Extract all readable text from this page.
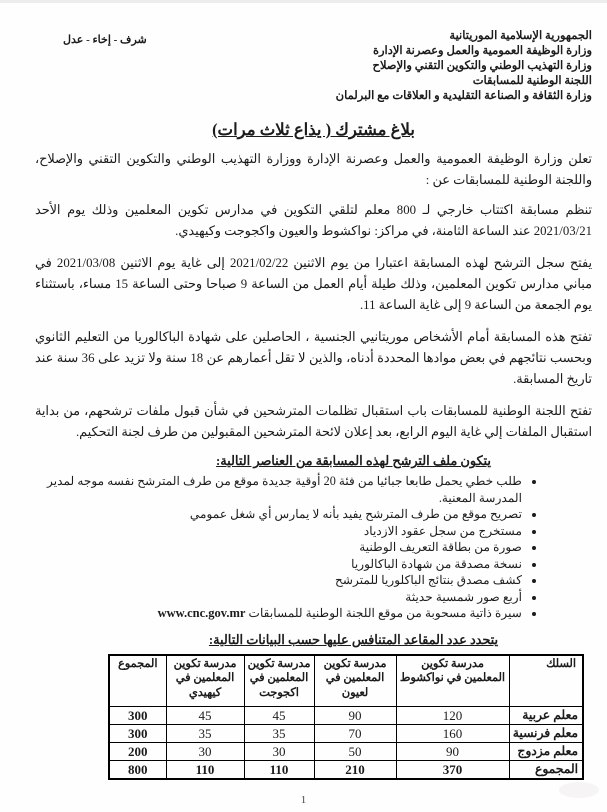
الجمهورية الإسلامية الموريتانية
وزارة الوظيفة العمومية والعمل وعصرنة الإدارة
وزارة التهذيب الوطني والتكوين التقني والإصلاح
اللجنة الوطنية للمسابقات
وزارة الثقافة و الصناعة التقليدية و العلاقات مع البرلمان
شرف - إخاء - عدل
بلاغ مشترك ( يذاع ثلاث مرات)

تعلن وزارة الوظيفة العمومية والعمل وعصرنة الإدارة ووزارة التهذيب الوطني والتكوين التقني والإصلاح، واللجنة الوطنية للمسابقات عن :

تنظم مسابقة اكتتاب خارجي لـ 800 معلم لتلقي التكوين في مدارس تكوين المعلمين وذلك يوم الأحد 2021/03/21 عند الساعة الثامنة، في مراكز: نواكشوط والعيون واكجوجت وكيهيدي.

يفتح سجل الترشح لهذه المسابقة اعتبارا من يوم الاثنين 2021/02/22 إلى غاية يوم الاثنين 2021/03/08 في مباني مدارس تكوين المعلمين، وذلك طيلة أيام العمل من الساعة 9 صباحا وحتى الساعة 15 مساء، باستثناء يوم الجمعة من الساعة 9 إلى غاية الساعة 11.

تفتح هذه المسابقة أمام الأشخاص موريتانيي الجنسية ، الحاصلين على شهادة الباكالوريا من التعليم الثانوي وبحسب نتائجهم في بعض موادها المحددة أدناه، والذين لا تقل أعمارهم عن 18 سنة ولا تزيد على 36 سنة عند تاريخ المسابقة.

تفتح اللجنة الوطنية للمسابقات باب استقبال تظلمات المترشحين في شأن قبول ملفات ترشحهم، من بداية استقبال الملفات إلي غاية اليوم الرابع، بعد إعلان لائحة المترشحين المقبولين من طرف لجنة التحكيم.

يتكون ملف الترشح لهذه المسابقة من العناصر التالية:
• طلب خطي يحمل طابعا جبائيا من فئة 20 أوقية جديدة موقع من طرف المترشح نفسه موجه لمدير المدرسة المعنية.
• تصريح موقع من طرف المترشح يفيد بأنه لا يمارس أي شغل عمومي
• مستخرج من سجل عقود الازدياد
• صورة من بطاقة التعريف الوطنية
• نسخة مصدقة من شهادة الباكالوريا
• كشف مصدق بنتائج الباكلوريا للمترشح
• أربع صور شمسية حديثة
• سيرة ذاتية مسحوبة من موقع اللجنة الوطنية للمسابقات www.cnc.gov.mr
يتحدد عدد المقاعد المتنافس عليها حسب البيانات التالية:
السلك	مدرسة تكوين المعلمين في نواكشوط	مدرسة تكوين المعلمين في لعيون	مدرسة تكوين المعلمين في اكجوجت	مدرسة تكوين المعلمين في كيهيدي	المجموع
معلم عربية	120	90	45	45	300
معلم فرنسية	160	70	35	35	300
معلم مزدوج	90	50	30	30	200
المجموع	370	210	110	110	800
1
